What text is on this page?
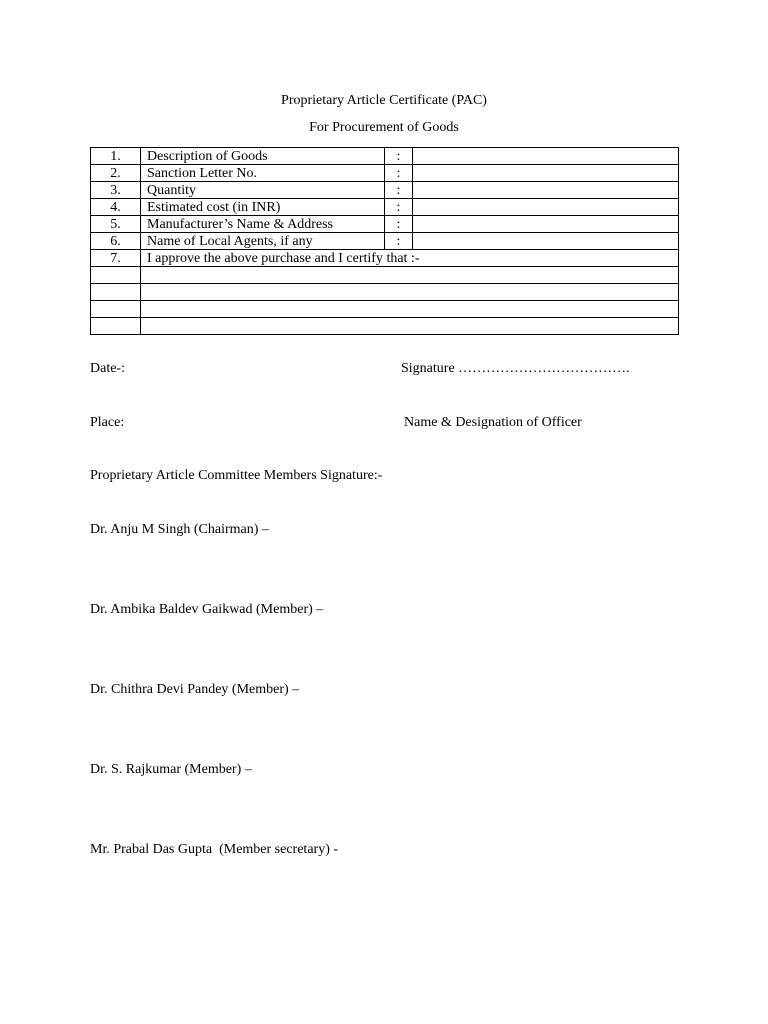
Proprietary Article Certificate (PAC)
For Procurement of Goods
1.	Description of Goods	:	
2.	Sanction Letter No.	:	
3.	Quantity	:	
4.	Estimated cost (in INR)	:	
5.	Manufacturer’s Name & Address	:	
6.	Name of Local Agents, if any	:	
7.	I approve the above purchase and I certify that :-		

Date-:	Signature ……………………………….
Place:	Name & Designation of Officer
Proprietary Article Committee Members Signature:-
Dr. Anju M Singh (Chairman) –
Dr. Ambika Baldev Gaikwad (Member) –
Dr. Chithra Devi Pandey (Member) –
Dr. S. Rajkumar (Member) –
Mr. Prabal Das Gupta  (Member secretary) -
